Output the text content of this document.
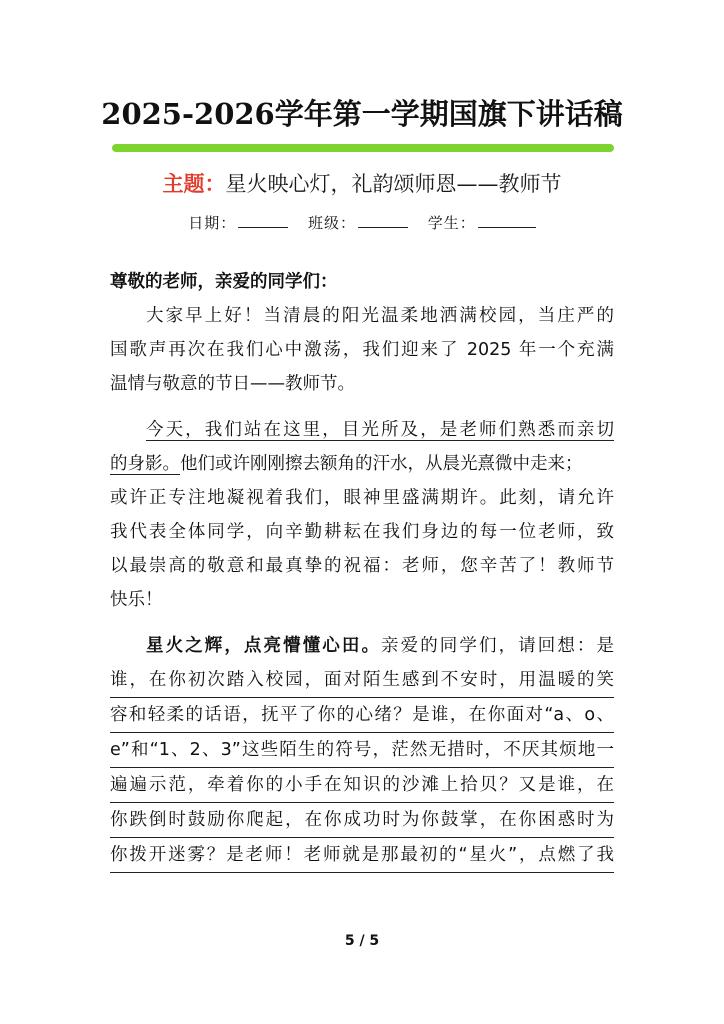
2025-2026学年第一学期国旗下讲话稿
主题：星火映心灯，礼韵颂师恩——教师节
日期：	班级：	学生：
尊敬的老师，亲爱的同学们：
大家早上好！当清晨的阳光温柔地洒满校园，当庄严的
国歌声再次在我们心中激荡，我们迎来了 2025 年一个充满
温情与敬意的节日——教师节。
今天，我们站在这里，目光所及，是老师们熟悉而亲切
的身影。他们或许刚刚擦去额角的汗水，从晨光熹微中走来；
或许正专注地凝视着我们，眼神里盛满期许。此刻，请允许
我代表全体同学，向辛勤耕耘在我们身边的每一位老师，致
以最崇高的敬意和最真挚的祝福：老师，您辛苦了！教师节
快乐！
星火之辉，点亮懵懂心田。亲爱的同学们，请回想：是
谁，在你初次踏入校园，面对陌生感到不安时，用温暖的笑
容和轻柔的话语，抚平了你的心绪？是谁，在你面对“a、o、
e”和“1、2、3”这些陌生的符号，茫然无措时，不厌其烦地一
遍遍示范，牵着你的小手在知识的沙滩上拾贝？又是谁，在
你跌倒时鼓励你爬起，在你成功时为你鼓掌，在你困惑时为
你拨开迷雾？是老师！老师就是那最初的“星火”，点燃了我
5 / 5
